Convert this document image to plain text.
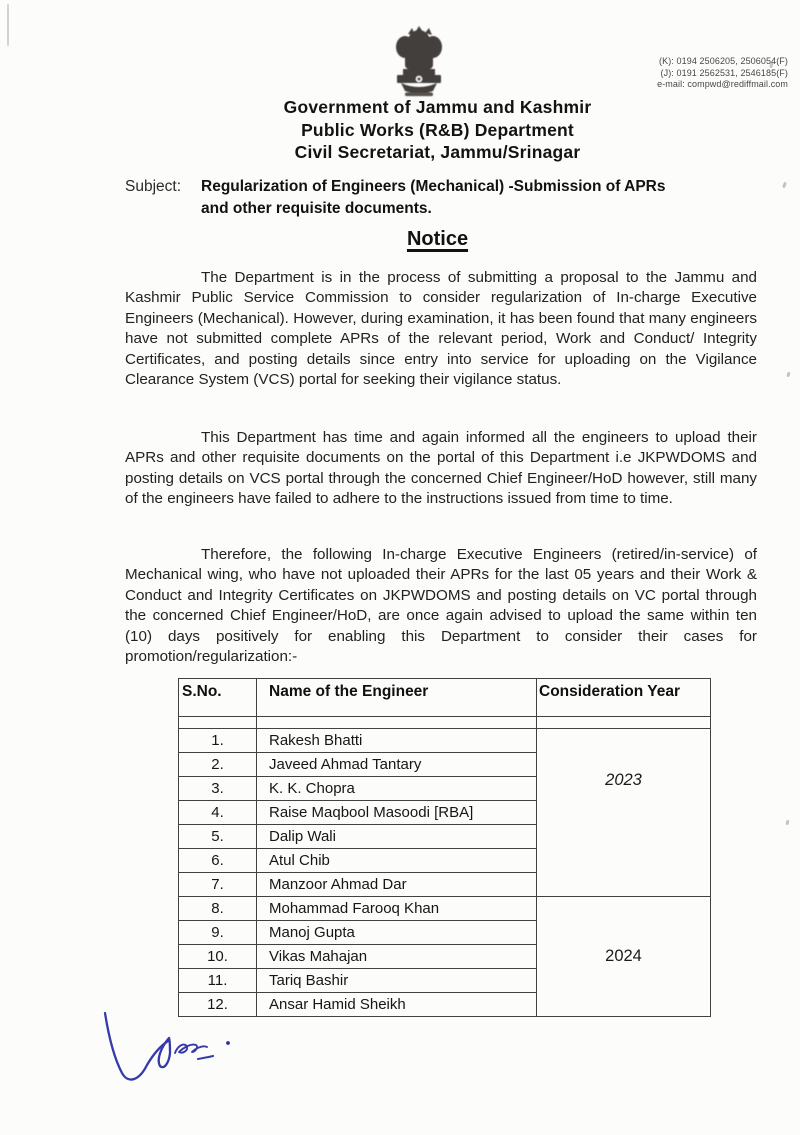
(K): 0194 2506205, 2506054(F)
(J): 0191 2562531, 2546185(F)
e-mail: compwd@rediffmail.com
Government of Jammu and Kashmir
Public Works (R&B) Department
Civil Secretariat, Jammu/Srinagar
Subject:	Regularization of Engineers (Mechanical) -Submission of APRs
and other requisite documents.
Notice

The Department is in the process of submitting a proposal to the Jammu and Kashmir Public Service Commission to consider regularization of In-charge Executive Engineers (Mechanical). However, during examination, it has been found that many engineers have not submitted complete APRs of the relevant period, Work and Conduct/ Integrity Certificates, and posting details since entry into service for uploading on the Vigilance Clearance System (VCS) portal for seeking their vigilance status.

This Department has time and again informed all the engineers to upload their APRs and other requisite documents on the portal of this Department i.e JKPWDOMS and posting details on VCS portal through the concerned Chief Engineer/HoD however, still many of the engineers have failed to adhere to the instructions issued from time to time.

Therefore, the following In-charge Executive Engineers (retired/in-service) of Mechanical wing, who have not uploaded their APRs for the last 05 years and their Work & Conduct and Integrity Certificates on JKPWDOMS and posting details on VC portal through the concerned Chief Engineer/HoD, are once again advised to upload the same within ten (10) days positively for enabling this Department to consider their cases for promotion/regularization:-

S.No.	Name of the Engineer	Consideration Year

1.	Rakesh Bhatti	2023
2.	Javeed Ahmad Tantary	
3.	K. K. Chopra	
4.	Raise Maqbool Masoodi [RBA]	
5.	Dalip Wali	
6.	Atul Chib	
7.	Manzoor Ahmad Dar	
8.	Mohammad Farooq Khan	2024
9.	Manoj Gupta	
10.	Vikas Mahajan	
11.	Tariq Bashir	
12.	Ansar Hamid Sheikh	
